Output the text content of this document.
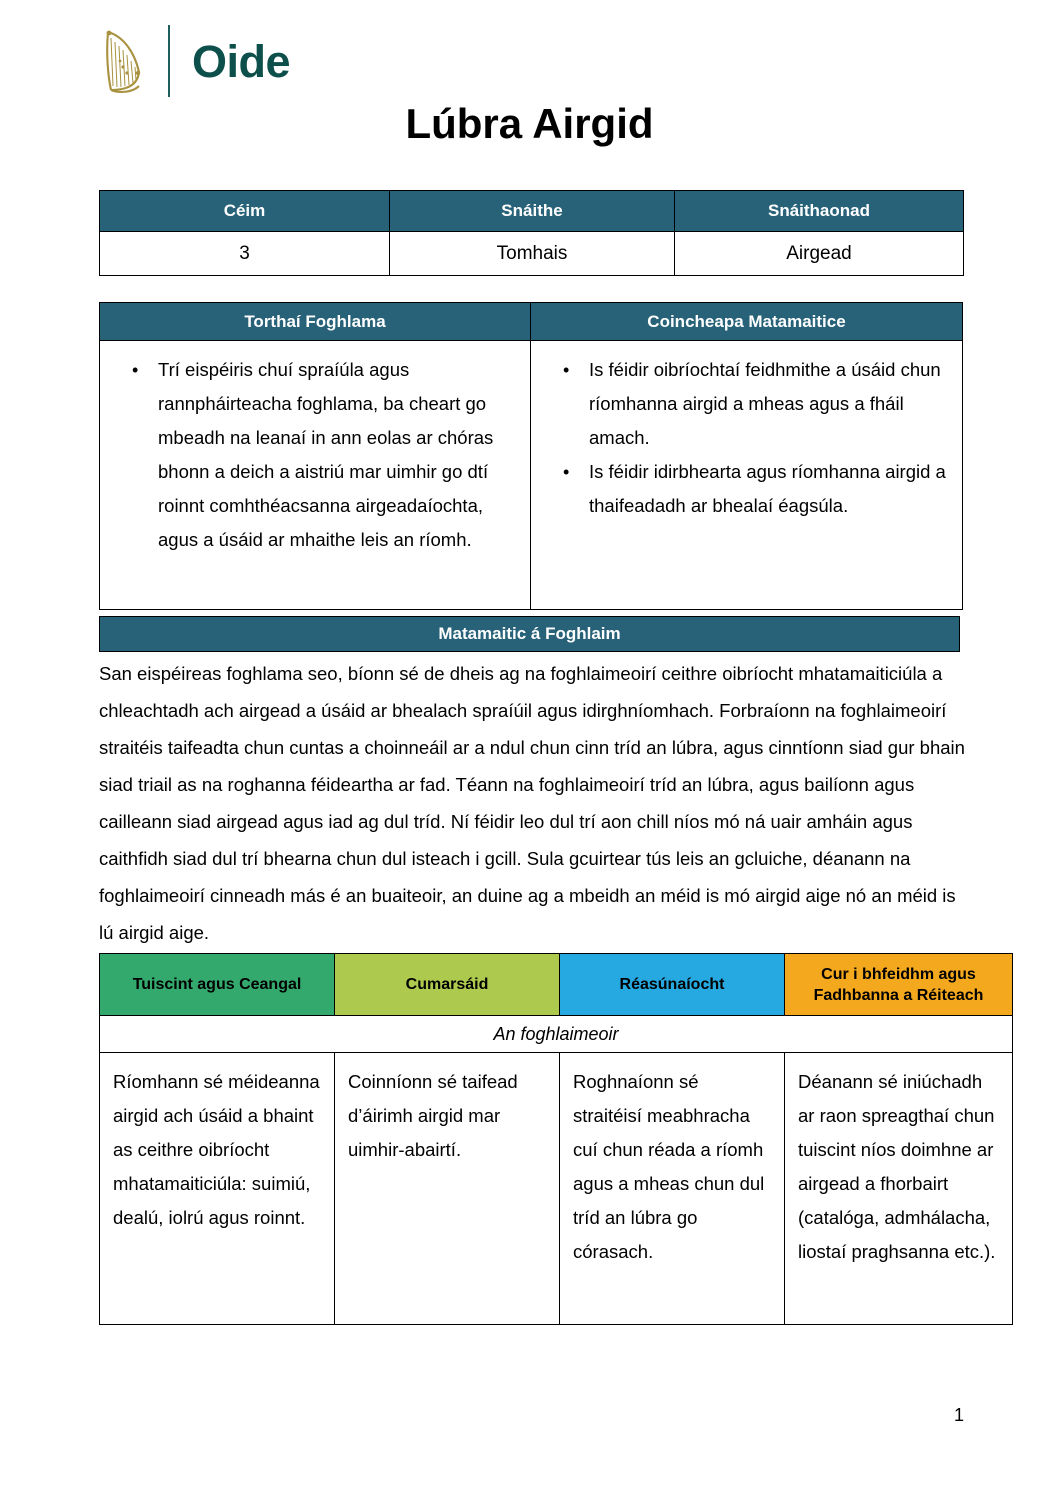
Oide
Lúbra Airgid
Céim	Snáithe	Snáithaonad
3	Tomhais	Airgead
Torthaí Foghlama	Coincheapa Matamaitice

• Trí eispéiris chuí spraíúla agus rannpháirteacha foghlama, ba cheart go mbeadh na leanaí in ann eolas ar chóras bhonn a deich a aistriú mar uimhir go dtí roinnt comhthéacsanna airgeadaíochta, agus a úsáid ar mhaithe leis an ríomh.

• Is féidir oibríochtaí feidhmithe a úsáid chun ríomhanna airgid a mheas agus a fháil amach.
• Is féidir idirbhearta agus ríomhanna airgid a thaifeadadh ar bhealaí éagsúla.
Matamaitic á Foghlaim
San eispéireas foghlama seo, bíonn sé de dheis ag na foghlaimeoirí ceithre oibríocht mhatamaiticiúla a chleachtadh ach airgead a úsáid ar bhealach spraíúil agus idirghníomhach. Forbraíonn na foghlaimeoirí straitéis taifeadta chun cuntas a choinneáil ar a ndul chun cinn tríd an lúbra, agus cinntíonn siad gur bhain siad triail as na roghanna féideartha ar fad. Téann na foghlaimeoirí tríd an lúbra, agus bailíonn agus cailleann siad airgead agus iad ag dul tríd. Ní féidir leo dul trí aon chill níos mó ná uair amháin agus caithfidh siad dul trí bhearna chun dul isteach i gcill. Sula gcuirtear tús leis an gcluiche, déanann na foghlaimeoirí cinneadh más é an buaiteoir, an duine ag a mbeidh an méid is mó airgid aige nó an méid is lú airgid aige.
Tuiscint agus Ceangal	Cumarsáid	Réasúnaíocht	Cur i bhfeidhm agus Fadhbanna a Réiteach
An foghlaimeoir			
Ríomhann sé méideanna airgid ach úsáid a bhaint as ceithre oibríocht mhatamaiticiúla: suimiú, dealú, iolrú agus roinnt.	Coinníonn sé taifead d’áirimh airgid mar uimhir-abairtí.	Roghnaíonn sé straitéisí meabhracha cuí chun réada a ríomh agus a mheas chun dul tríd an lúbra go córasach.	Déanann sé iniúchadh ar raon spreagthaí chun tuiscint níos doimhne ar airgead a fhorbairt (catalóga, admhálacha, liostaí praghsanna etc.).
1
